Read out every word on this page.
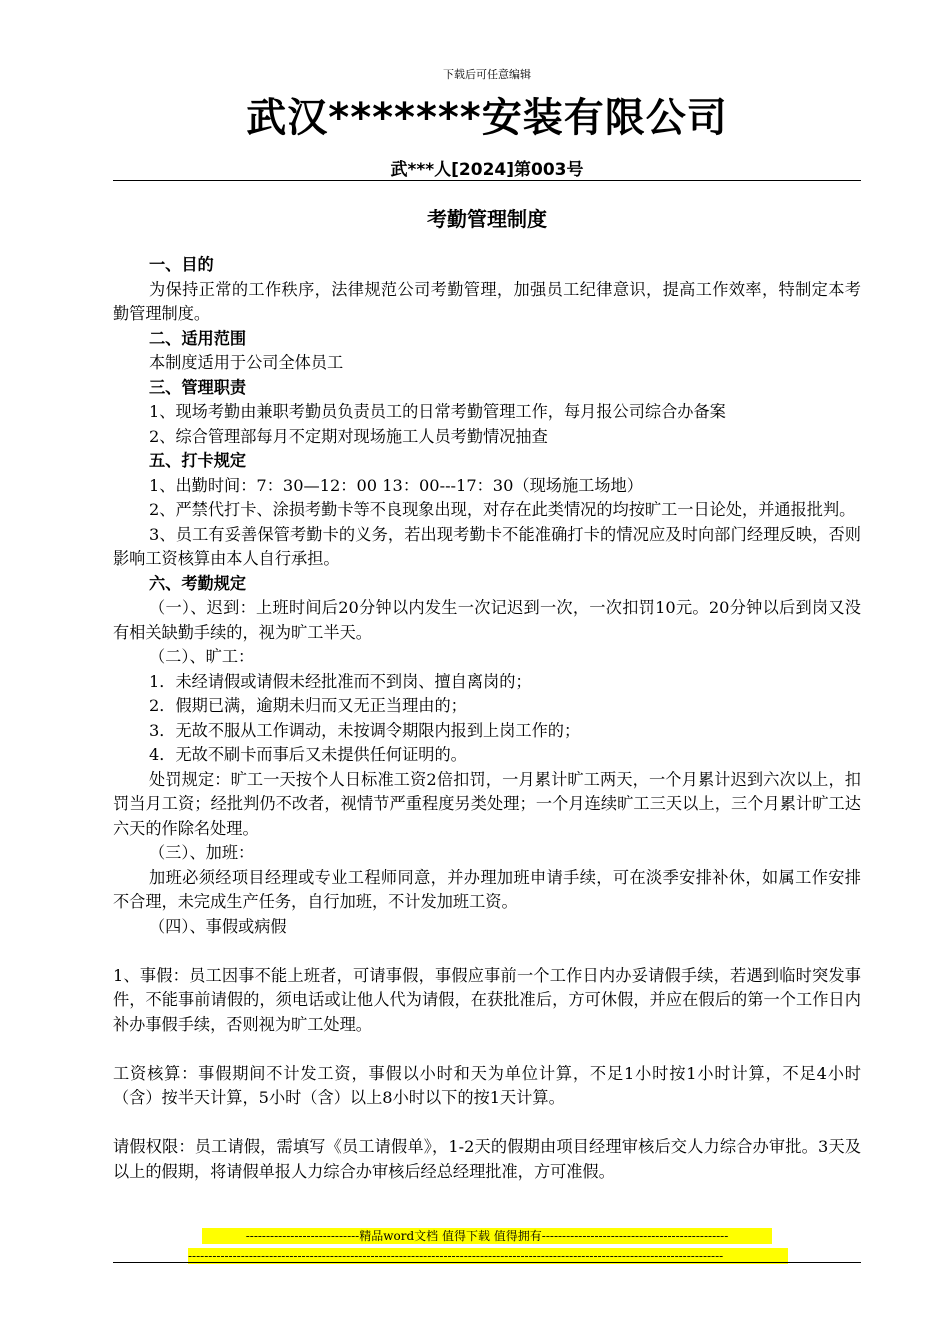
下载后可任意编辑
武汉*******安装有限公司
武***人[2024]第003号
考勤管理制度

一、目的

为保持正常的工作秩序，法律规范公司考勤管理，加强员工纪律意识，提高工作效率，特制定本考勤管理制度。

二、适用范围

本制度适用于公司全体员工

三、管理职责

1、现场考勤由兼职考勤员负责员工的日常考勤管理工作，每月报公司综合办备案

2、综合管理部每月不定期对现场施工人员考勤情况抽查

五、打卡规定

1、出勤时间：7：30—12：00 13：00---17：30（现场施工场地）

2、严禁代打卡、涂损考勤卡等不良现象出现，对存在此类情况的均按旷工一日论处，并通报批判。

3、员工有妥善保管考勤卡的义务，若出现考勤卡不能准确打卡的情况应及时向部门经理反映，否则影响工资核算由本人自行承担。

六、考勤规定

（一）、迟到：上班时间后20分钟以内发生一次记迟到一次，一次扣罚10元。20分钟以后到岗又没有相关缺勤手续的，视为旷工半天。

（二）、旷工：

1．未经请假或请假未经批准而不到岗、擅自离岗的；

2．假期已满，逾期未归而又无正当理由的；

3．无故不服从工作调动，未按调令期限内报到上岗工作的；

4．无故不刷卡而事后又未提供任何证明的。

处罚规定：旷工一天按个人日标准工资2倍扣罚，一月累计旷工两天，一个月累计迟到六次以上，扣罚当月工资；经批判仍不改者，视情节严重程度另类处理；一个月连续旷工三天以上，三个月累计旷工达六天的作除名处理。

（三）、加班：

加班必须经项目经理或专业工程师同意，并办理加班申请手续，可在淡季安排补休，如属工作安排不合理，未完成生产任务，自行加班，不计发加班工资。

（四）、事假或病假

1、事假：员工因事不能上班者，可请事假，事假应事前一个工作日内办妥请假手续，若遇到临时突发事件，不能事前请假的，须电话或让他人代为请假，在获批准后，方可休假，并应在假后的第一个工作日内补办事假手续，否则视为旷工处理。

工资核算：事假期间不计发工资，事假以小时和天为单位计算，不足1小时按1小时计算，不足4小时（含）按半天计算，5小时（含）以上8小时以下的按1天计算。

请假权限：员工请假，需填写《员工请假单》，1-2天的假期由项目经理审核后交人力综合办审批。3天及以上的假期，将请假单报人力综合办审核后经总经理批准，方可准假。

----------------------------精品word文档 值得下载 值得拥有----------------------------------------------
------------------------------------------------------------------------------------------------------------------------------------
